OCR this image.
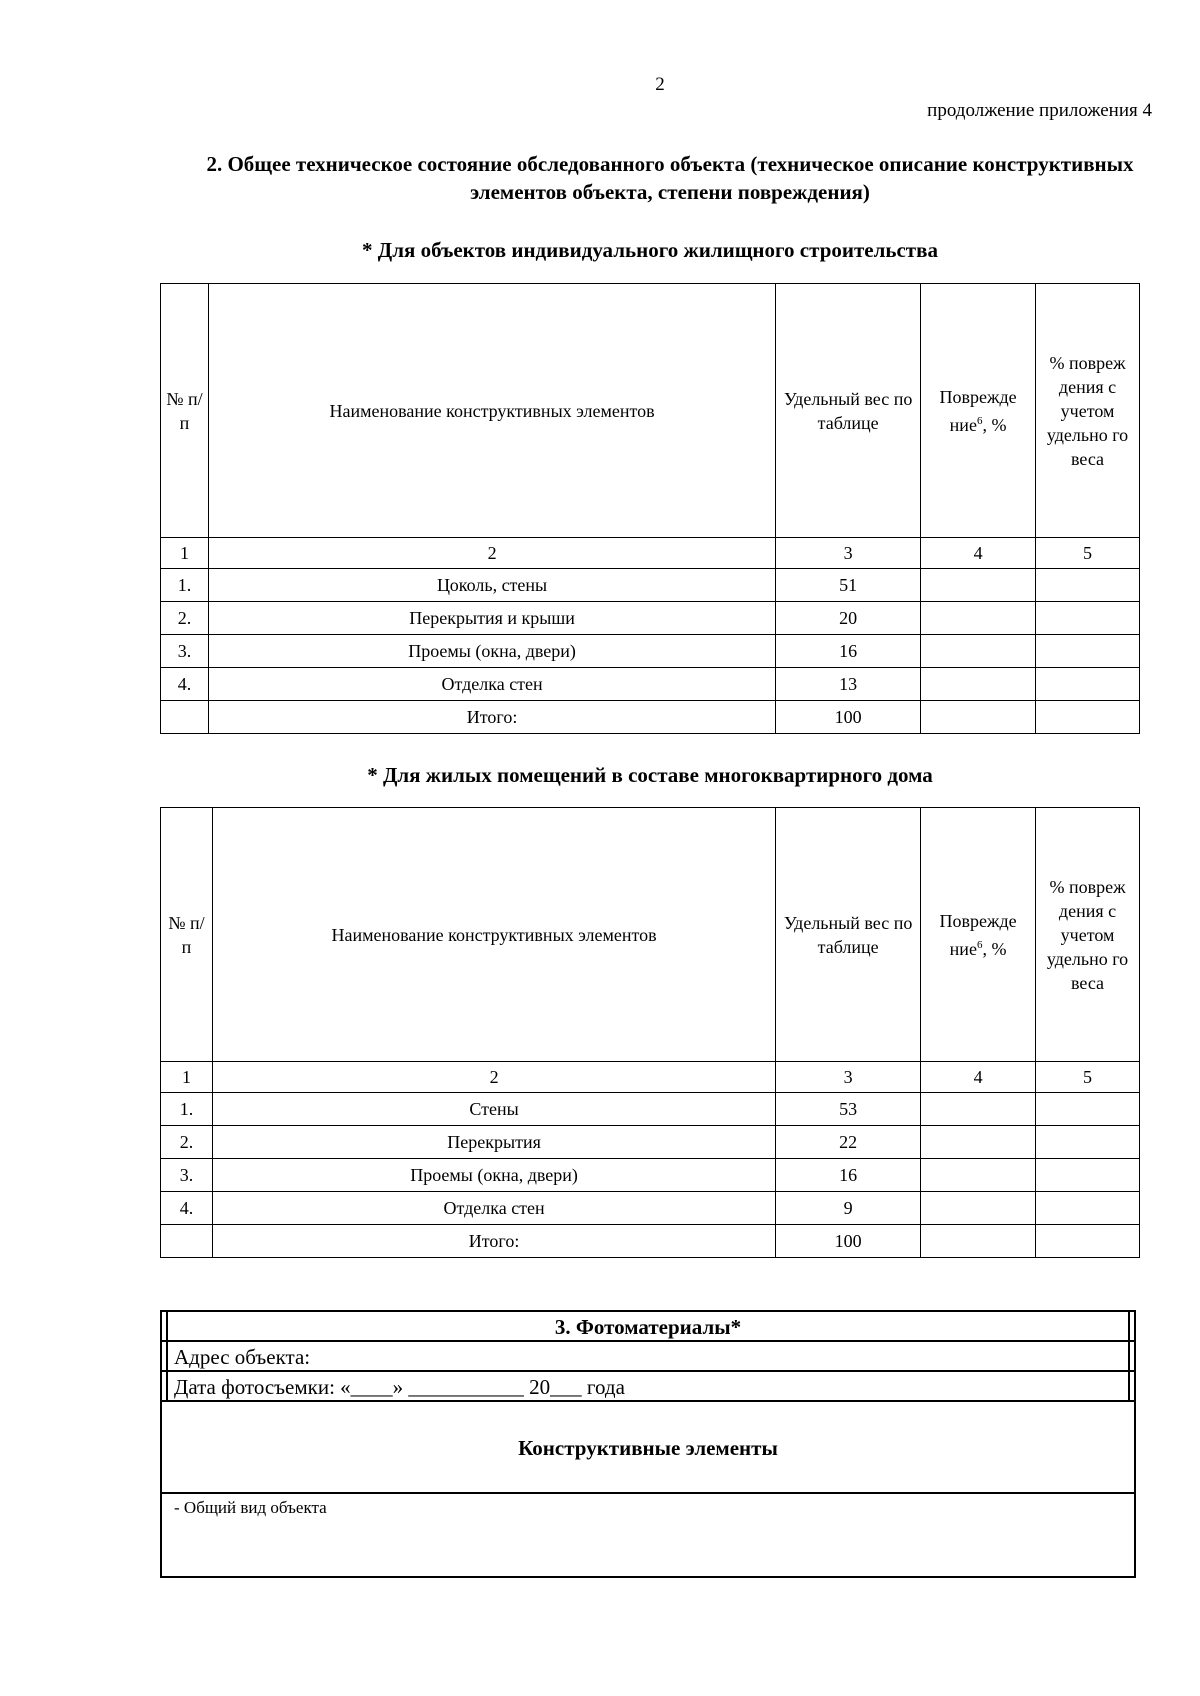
2
продолжение приложения 4
2. Общее техническое состояние обследованного объекта (техническое описание конструктивных элементов объекта, степени повреждения)
* Для объектов индивидуального жилищного строительства
№ п/ п	Наименование конструктивных элементов	Удельный вес по таблице	Поврежде ние$^6$, %	% повреж дения с учетом удельно го веса
1	2	3	4	5
1.	Цоколь, стены	51		
2.	Перекрытия и крыши	20		
3.	Проемы (окна, двери)	16		
4.	Отделка стен	13		
	Итого:	100		
* Для жилых помещений в составе многоквартирного дома
№ п/п	Наименование конструктивных элементов	Удельный вес по таблице	Поврежде ние$^6$, %	% повреж дения с учетом удельно го веса
1	2	3	4	5
1.	Стены	53		
2.	Перекрытия	22		
3.	Проемы (окна, двери)	16		
4.	Отделка стен	9		
	Итого:	100		
3. Фотоматериалы*
Адрес объекта:
Дата фотосъемки: «____» ___________ 20___ года
Конструктивные элементы
- Общий вид объекта
